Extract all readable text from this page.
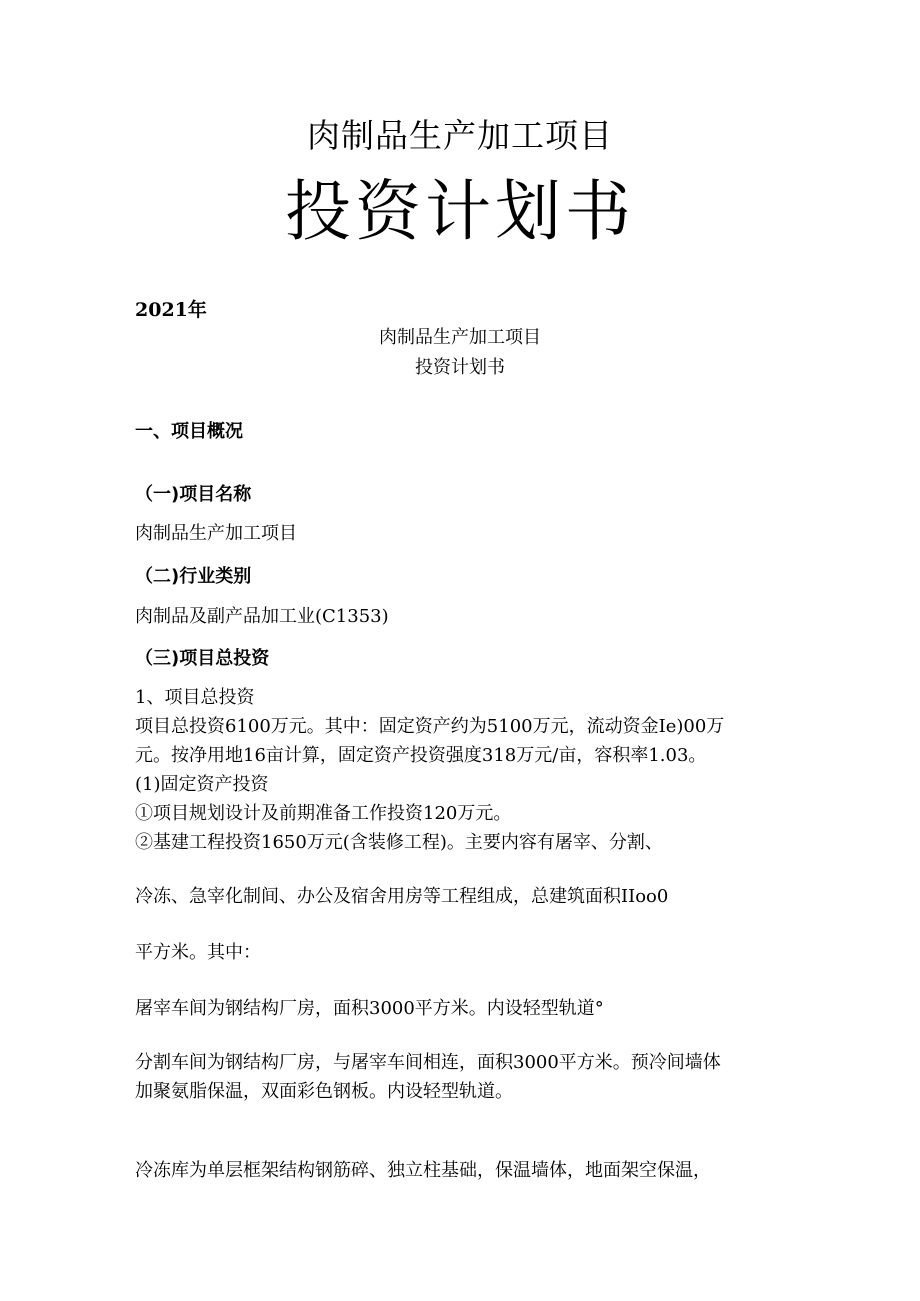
肉制品生产加工项目
投资计划书
2021年
肉制品生产加工项目
投资计划书
一、项目概况
（一)项目名称
肉制品生产加工项目
（二)行业类别
肉制品及副产品加工业(C1353)
（三)项目总投资
1、项目总投资
项目总投资6100万元。其中：固定资产约为5100万元，流动资金Ie)00万
元。按净用地16亩计算，固定资产投资强度318万元/亩，容积率1.03。
(1)固定资产投资
①项目规划设计及前期准备工作投资120万元。
②基建工程投资1650万元(含装修工程)。主要内容有屠宰、分割、
冷冻、急宰化制间、办公及宿舍用房等工程组成，总建筑面积IIoo0
平方米。其中：
屠宰车间为钢结构厂房，面积3000平方米。内设轻型轨道°
分割车间为钢结构厂房，与屠宰车间相连，面积3000平方米。预冷间墙体
加聚氨脂保温，双面彩色钢板。内设轻型轨道。
冷冻库为单层框架结构钢筋碎、独立柱基础，保温墙体，地面架空保温，
